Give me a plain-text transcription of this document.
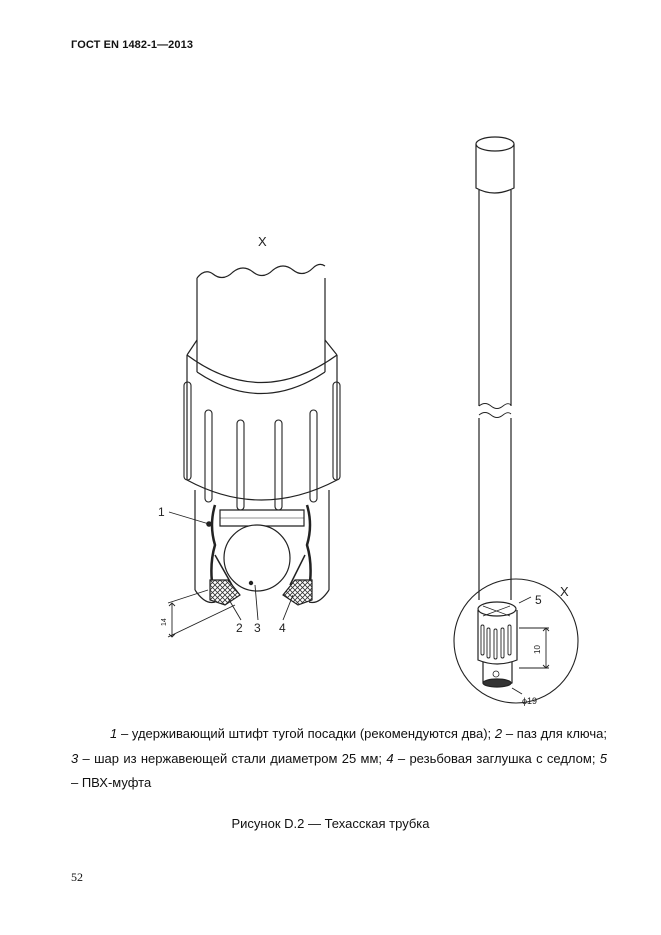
ГОСТ EN 1482-1—2013
X
X
1
2 3 4
5
14
10
ϕ19
1 – удерживающий штифт тугой посадки (рекомендуются два); 2 – паз для ключа; 3 – шар из нержавеющей стали диаметром 25 мм; 4 – резьбовая заглушка с седлом; 5 – ПВХ-муфта
Рисунок D.2 — Техасская трубка
52
